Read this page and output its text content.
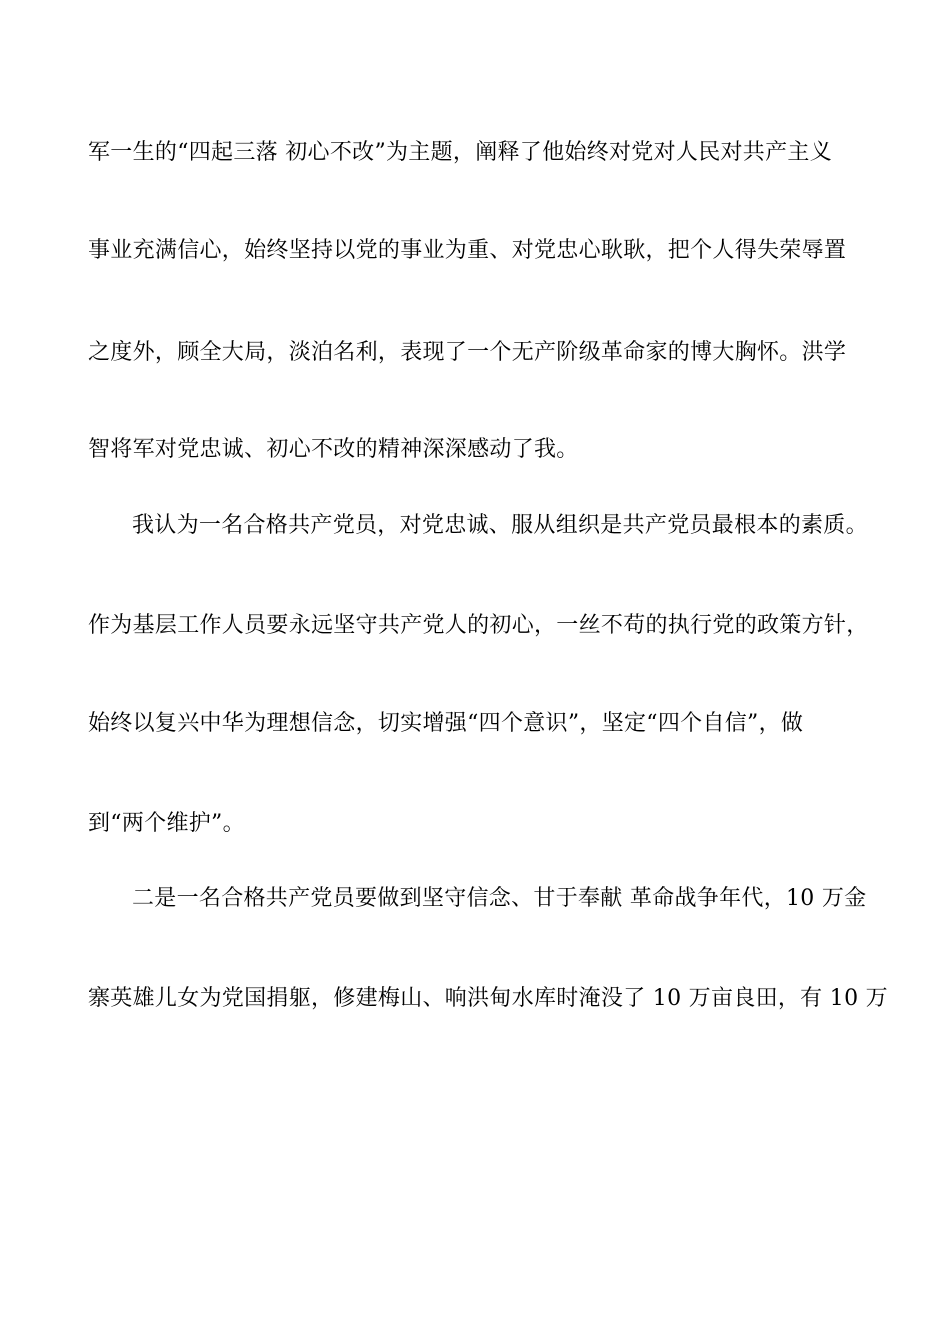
军一生的“四起三落 初心不改”为主题，阐释了他始终对党对人民对共产主义
事业充满信心，始终坚持以党的事业为重、对党忠心耿耿，把个人得失荣辱置
之度外，顾全大局，淡泊名利，表现了一个无产阶级革命家的博大胸怀。洪学
智将军对党忠诚、初心不改的精神深深感动了我。
我认为一名合格共产党员，对党忠诚、服从组织是共产党员最根本的素质。
作为基层工作人员要永远坚守共产党人的初心，一丝不苟的执行党的政策方针，
始终以复兴中华为理想信念，切实增强“四个意识”，坚定“四个自信”，做
到“两个维护”。
二是一名合格共产党员要做到坚守信念、甘于奉献 革命战争年代，10 万金
寨英雄儿女为党国捐躯，修建梅山、响洪甸水库时淹没了 10 万亩良田，有 10 万
